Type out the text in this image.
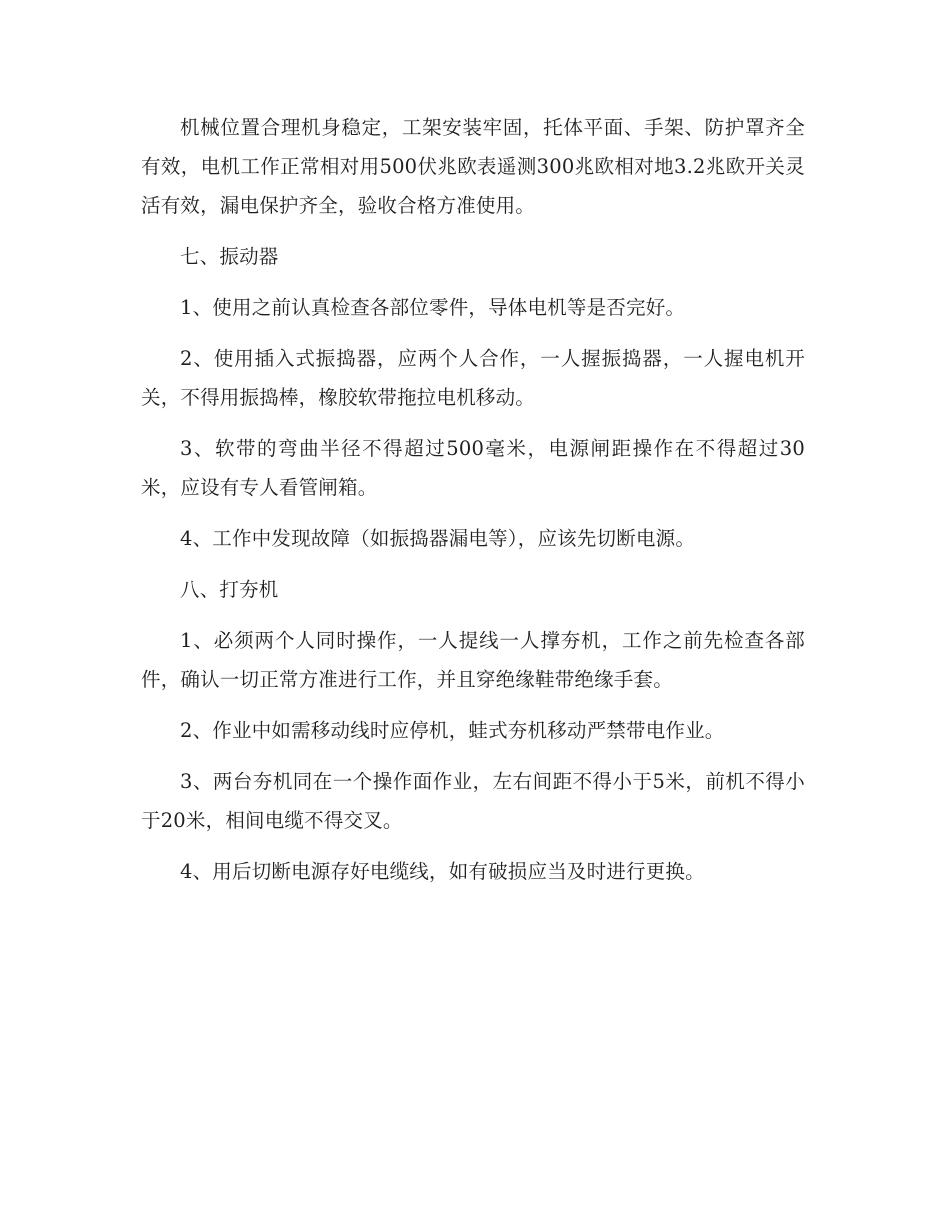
机械位置合理机身稳定，工架安装牢固，托体平面、手架、防护罩齐全有效，电机工作正常相对用500伏兆欧表遥测300兆欧相对地3.2兆欧开关灵活有效，漏电保护齐全，验收合格方准使用。

七、振动器

1、使用之前认真检查各部位零件，导体电机等是否完好。

2、使用插入式振捣器，应两个人合作，一人握振捣器，一人握电机开关，不得用振捣棒，橡胶软带拖拉电机移动。

3、软带的弯曲半径不得超过500毫米，电源闸距操作在不得超过30米，应设有专人看管闸箱。

4、工作中发现故障（如振捣器漏电等），应该先切断电源。

八、打夯机

1、必须两个人同时操作，一人提线一人撑夯机，工作之前先检查各部件，确认一切正常方准进行工作，并且穿绝缘鞋带绝缘手套。

2、作业中如需移动线时应停机，蛙式夯机移动严禁带电作业。

3、两台夯机同在一个操作面作业，左右间距不得小于5米，前机不得小于20米，相间电缆不得交叉。

4、用后切断电源存好电缆线，如有破损应当及时进行更换。
